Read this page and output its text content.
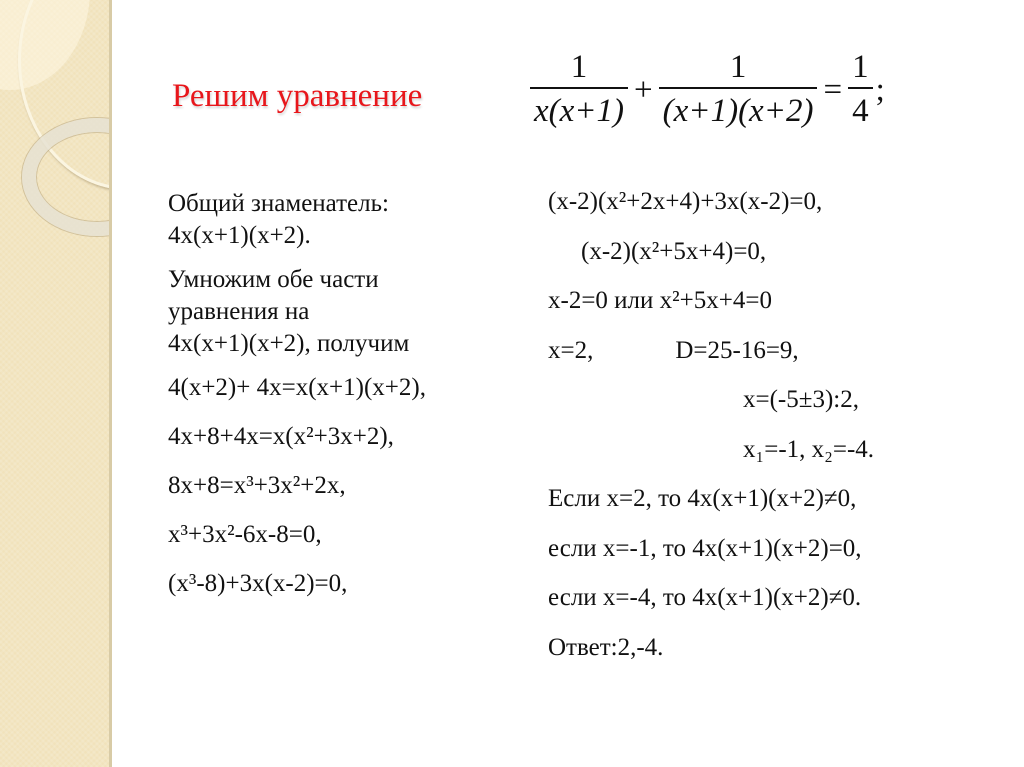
Решим уравнение	$\frac{1}{x(x+1)} + \frac{1}{(x+1)(x+2)} = \frac{1}{4}$ ;
Общий знаменатель:
4x(x+1)(x+2).
Умножим обе части
уравнения на
4x(x+1)(x+2), получим
4(x+2)+ 4x=x(x+1)(x+2),
4x+8+4x=x(x²+3x+2),
8x+8=x³+3x²+2x,
x³+3x²-6x-8=0,
(x³-8)+3x(x-2)=0,
(x-2)(x²+2x+4)+3x(x-2)=0,
(x-2)(x²+5x+4)=0,
x-2=0 или x²+5x+4=0
x=2,	D=25-16=9,
x=(-5±3):2,
x₁=-1, x₂=-4.
Если x=2, то 4x(x+1)(x+2)≠0,
если x=-1, то 4x(x+1)(x+2)=0,
если x=-4, то 4x(x+1)(x+2)≠0.
Ответ:2,-4.
